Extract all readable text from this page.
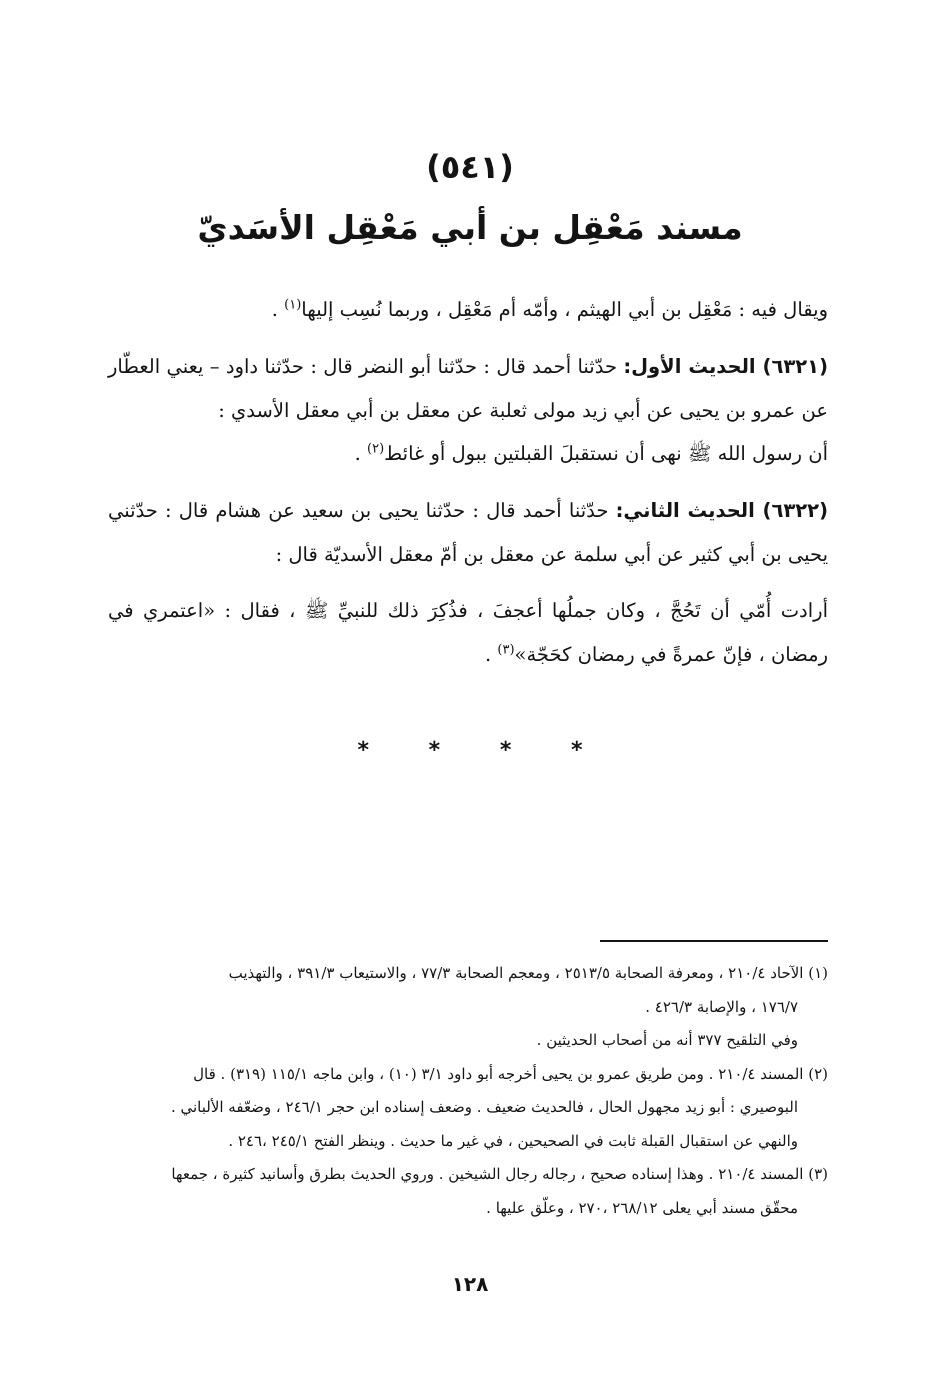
(٥٤١)
مسند مَعْقِل بن أبي مَعْقِل الأسَديّ

ويقال فيه : مَعْقِل بن أبي الهيثم ، وأمّه أم مَعْقِل ، وربما نُسِب إليها$^{(١)}$ .

(٦٣٢١) الحديث الأول: حدّثنا أحمد قال : حدّثنا أبو النضر قال : حدّثنا داود – يعني العطّار عن عمرو بن يحيى عن أبي زيد مولى ثعلبة عن معقل بن أبي معقل الأسدي :

أن رسول الله ﷺ نهى أن نستقبلَ القبلتين ببول أو غائط$^{(٢)}$ .

(٦٣٢٢) الحديث الثاني: حدّثنا أحمد قال : حدّثنا يحيى بن سعيد عن هشام قال : حدّثني يحيى بن أبي كثير عن أبي سلمة عن معقل بن أمّ معقل الأسديّة قال :

أرادت أُمّي أن تَحُجَّ ، وكان جملُها أعجفَ ، فذُكِرَ ذلك للنبيِّ ﷺ ، فقال : «اعتمري في رمضان ، فإنّ عمرةً في رمضان كحَجّة»$^{(٣)}$ .

* * * *

(١) الآحاد ٢١٠/٤ ، ومعرفة الصحابة ٢٥١٣/٥ ، ومعجم الصحابة ٧٧/٣ ، والاستيعاب ٣٩١/٣ ، والتهذيب

١٧٦/٧ ، والإصابة ٤٢٦/٣ .

وفي التلقيح ٣٧٧ أنه من أصحاب الحديثين .

(٢) المسند ٢١٠/٤ . ومن طريق عمرو بن يحيى أخرجه أبو داود ٣/١ (١٠) ، وابن ماجه ١١٥/١ (٣١٩) . قال

البوصيري : أبو زيد مجهول الحال ، فالحديث ضعيف . وضعف إسناده ابن حجر ٢٤٦/١ ، وضعّفه الألباني .

والنهي عن استقبال القبلة ثابت في الصحيحين ، في غير ما حديث . وينظر الفتح ٢٤٥/١ ،٢٤٦ .

(٣) المسند ٢١٠/٤ . وهذا إسناده صحيح ، رجاله رجال الشيخين . وروي الحديث بطرق وأسانيد كثيرة ، جمعها

محقّق مسند أبي يعلى ٢٦٨/١٢ ،٢٧٠ ، وعلّق عليها .

١٢٨
